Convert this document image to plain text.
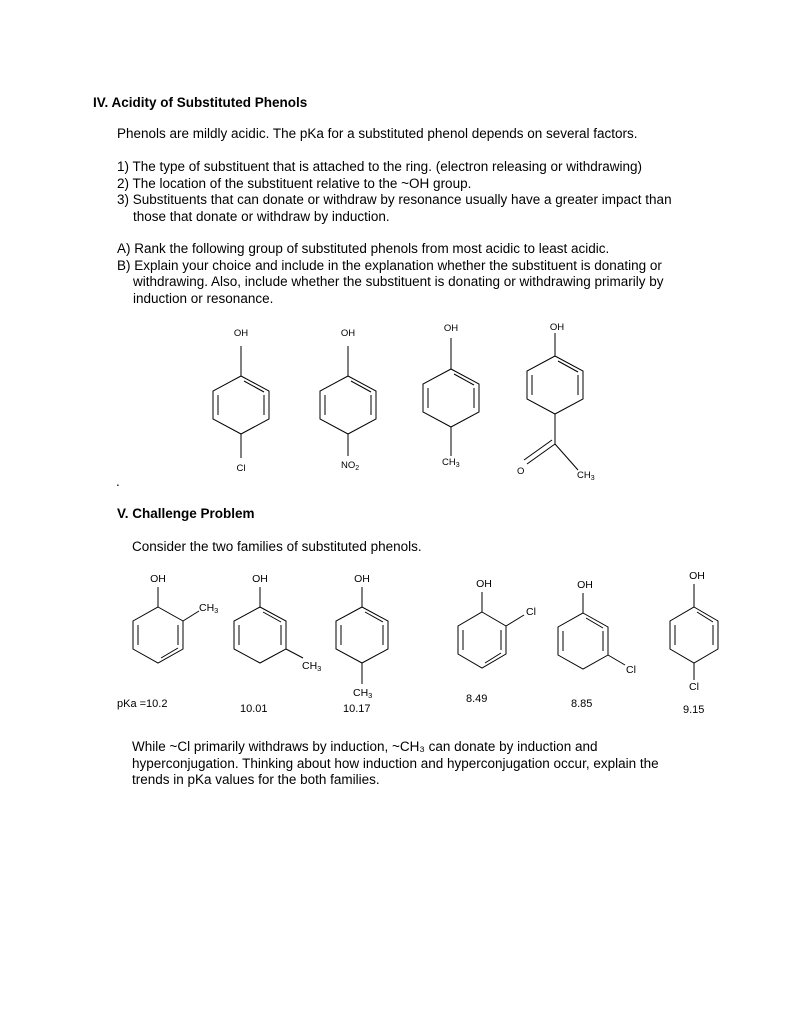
IV. Acidity of Substituted Phenols
Phenols are mildly acidic. The pKa for a substituted phenol depends on several factors.
1) The type of substituent that is attached to the ring. (electron releasing or withdrawing)
2) The location of the substituent relative to the ~OH group.
3) Substituents that can donate or withdraw by resonance usually have a greater impact than
those that donate or withdraw by induction.
A) Rank the following group of substituted phenols from most acidic to least acidic.
B) Explain your choice and include in the explanation whether the substituent is donating or
withdrawing. Also, include whether the substituent is donating or withdrawing primarily by
induction or resonance.
OH
Cl
OH
$NO_2$
OH
$CH_3$
OH
O	$CH_3$
.
V. Challenge Problem
Consider the two families of substituted phenols.
OH
CH3
OH
CH3
OH
CH3
OH
Cl
OH
Cl
OH
Cl
pKa =10.2	10.01	10.17
8.49	8.85	9.15
While ~Cl primarily withdraws by induction, ~CH₃ can donate by induction and
hyperconjugation. Thinking about how induction and hyperconjugation occur, explain the
trends in pKa values for the both families.
